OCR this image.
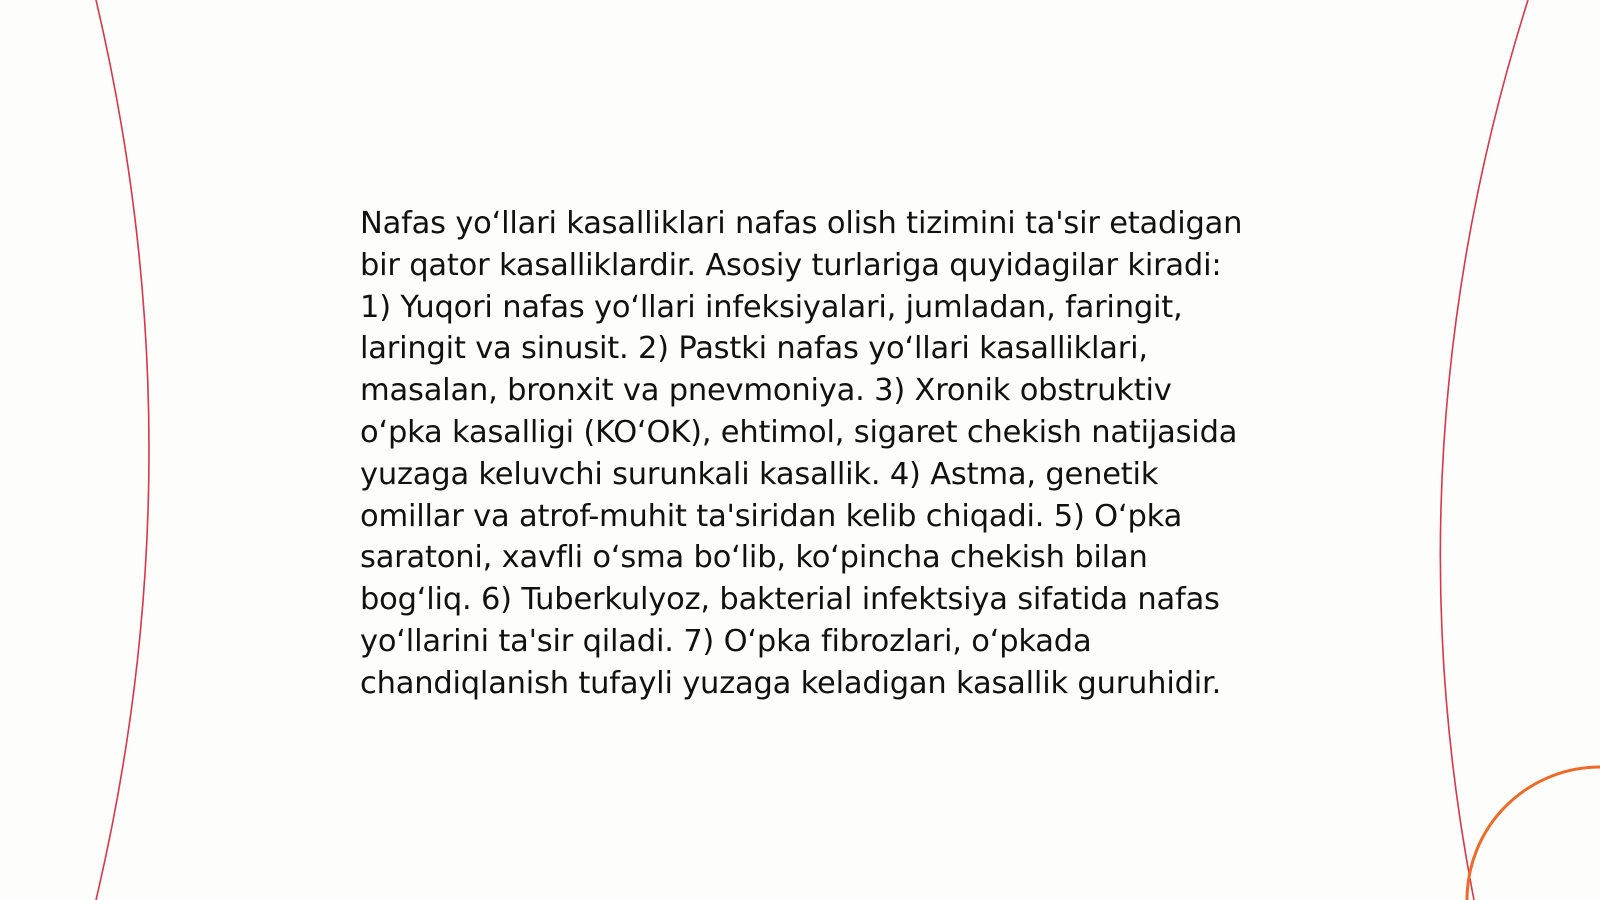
Nafas yo‘llari kasalliklari nafas olish tizimini ta'sir etadigan bir qator kasalliklardir. Asosiy turlariga quyidagilar kiradi: 1) Yuqori nafas yo‘llari infeksiyalari, jumladan, faringit, laringit va sinusit. 2) Pastki nafas yo‘llari kasalliklari, masalan, bronxit va pnevmoniya. 3) Xronik obstruktiv o‘pka kasalligi (KO‘OK), ehtimol, sigaret chekish natijasida yuzaga keluvchi surunkali kasallik. 4) Astma, genetik omillar va atrof-muhit ta'siridan kelib chiqadi. 5) O‘pka saratoni, xavfli o‘sma bo‘lib, ko‘pincha chekish bilan bog‘liq. 6) Tuberkulyoz, bakterial infektsiya sifatida nafas yo‘llarini ta'sir qiladi. 7) O‘pka fibrozlari, o‘pkada chandiqlanish tufayli yuzaga keladigan kasallik guruhidir.
